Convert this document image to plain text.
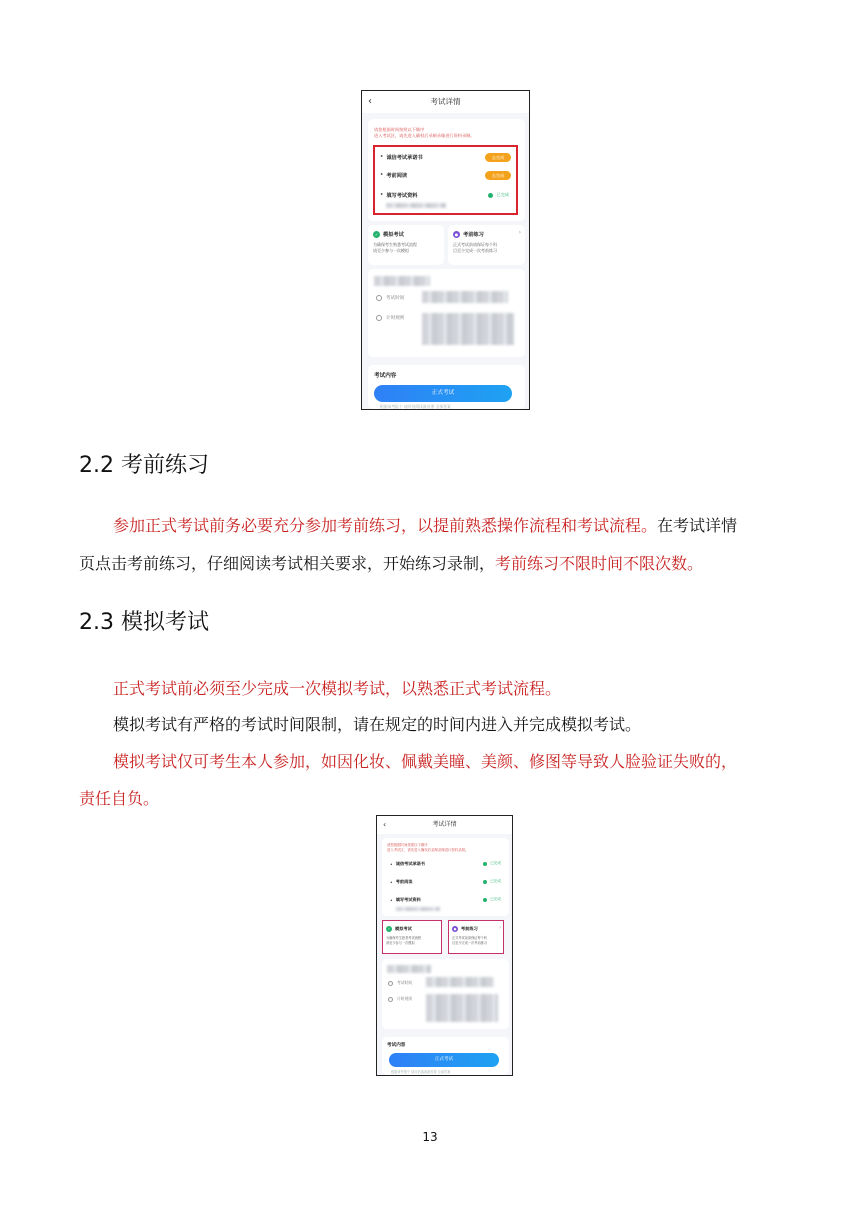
‹	考试详情
请您根据时间按照以下顺序
进入考试区，请先进入确权后录制录像进行资料录制。
• 诚信考试承诺书	去完成
• 考前阅读	去完成
• 填写考试资料	已完成
✓ 模拟考试
为确保考生熟悉考试流程
请至少参与一次模拟
● 考前练习	›
正式考试前请保证每个科
目至少完成一次考前练习
考试时间
计时规则
考试内容
正式考试
根据该考报个 请评估阅读最首要 全部答案
2.2 考前练习
参加正式考试前务必要充分参加考前练习，以提前熟悉操作流程和考试流程。在考试详情
页点击考前练习，仔细阅读考试相关要求，开始练习录制，考前练习不限时间不限次数。
2.3 模拟考试
正式考试前必须至少完成一次模拟考试，以熟悉正式考试流程。
模拟考试有严格的考试时间限制，请在规定的时间内进入并完成模拟考试。
模拟考试仅可考生本人参加，如因化妆、佩戴美瞳、美颜、修图等导致人脸验证失败的，
责任自负。
‹	考试详情
请您根据时间按照以下顺序
进入考试区，请先进入确权后录制录像进行资料录制。
• 诚信考试承诺书	已完成
• 考前阅读	已完成
• 填写考试资料	已完成
✓	模拟考试
为确保考生熟悉考试流程
请至少参与一次模拟
●	考前练习	›
正式考试前请保证每个科
目至少完成一次考前练习
考试时间
计时规则
考试内容
正式考试
根据该考报个 请评估阅读最首要 全部答案
13
